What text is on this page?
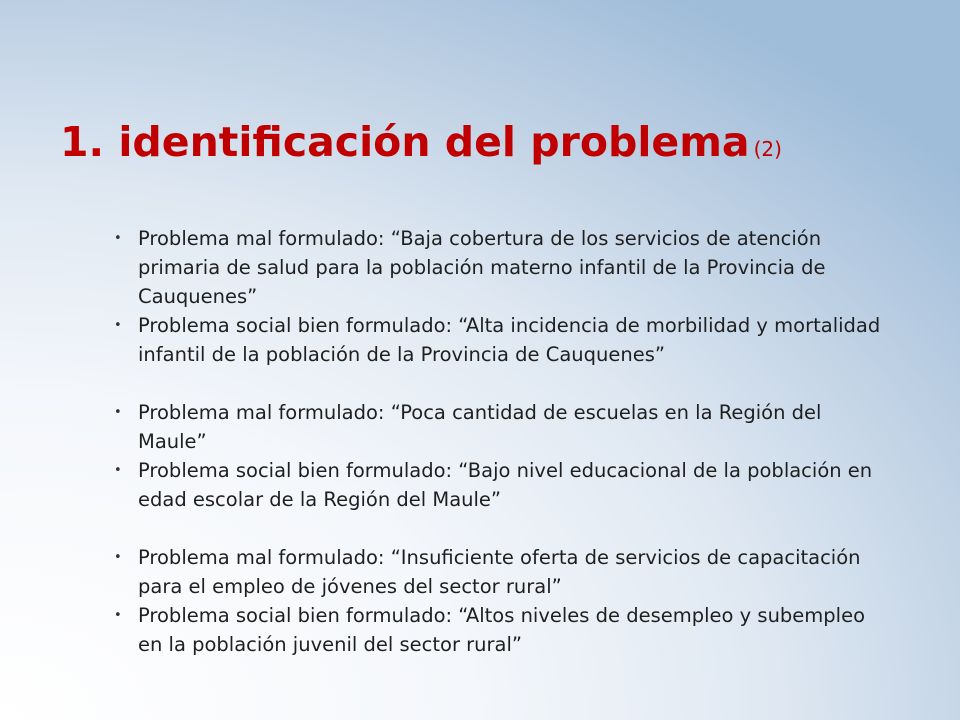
1. identificación del problema (2)
• Problema mal formulado: “Baja cobertura de los servicios de atención primaria de salud para la población materno infantil de la Provincia de Cauquenes”
• Problema social bien formulado: “Alta incidencia de morbilidad y mortalidad infantil de la población de la Provincia de Cauquenes”
• Problema mal formulado: “Poca cantidad de escuelas en la Región del Maule”
• Problema social bien formulado: “Bajo nivel educacional de la población en edad escolar de la Región del Maule”
• Problema mal formulado: “Insuficiente oferta de servicios de capacitación para el empleo de jóvenes del sector rural”
• Problema social bien formulado: “Altos niveles de desempleo y subempleo en la población juvenil del sector rural”
